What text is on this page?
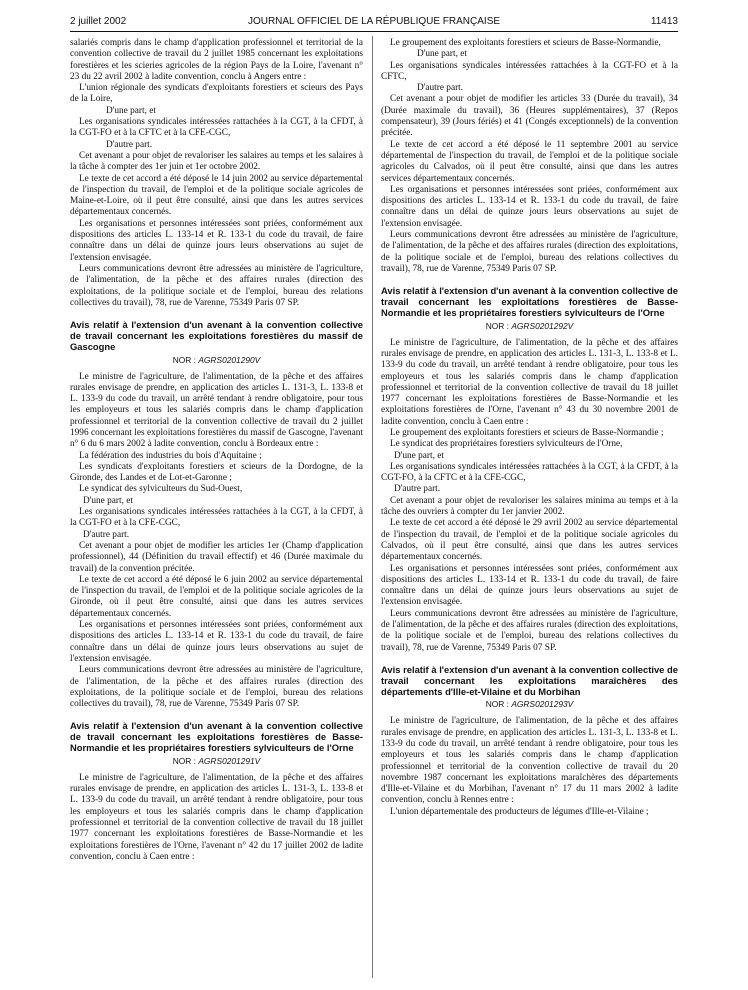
2 juillet 2002	JOURNAL OFFICIEL DE LA RÉPUBLIQUE FRANÇAISE	11413

salariés compris dans le champ d'application professionnel et territorial de la convention collective de travail du 2 juillet 1985 concernant les exploitations forestières et les scieries agricoles de la région Pays de la Loire, l'avenant n° 23 du 22 avril 2002 à ladite convention, conclu à Angers entre :

L'union régionale des syndicats d'exploitants forestiers et scieurs des Pays de la Loire,

D'une part, et

Les organisations syndicales intéressées rattachées à la CGT, à la CFDT, à la CGT-FO et à la CFTC et à la CFE-CGC,

D'autre part.

Cet avenant a pour objet de revaloriser les salaires au temps et les salaires à la tâche à compter des 1er juin et 1er octobre 2002.

Le texte de cet accord a été déposé le 14 juin 2002 au service départemental de l'inspection du travail, de l'emploi et de la politique sociale agricoles de Maine-et-Loire, où il peut être consulté, ainsi que dans les autres services départementaux concernés.

Les organisations et personnes intéressées sont priées, conformément aux dispositions des articles L. 133-14 et R. 133-1 du code du travail, de faire connaître dans un délai de quinze jours leurs observations au sujet de l'extension envisagée.

Leurs communications devront être adressées au ministère de l'agriculture, de l'alimentation, de la pêche et des affaires rurales (direction des exploitations, de la politique sociale et de l'emploi, bureau des relations collectives du travail), 78, rue de Varenne, 75349 Paris 07 SP.

Avis relatif à l'extension d'un avenant à la convention collective de travail concernant les exploitations forestières du massif de Gascogne
NOR : AGRS0201290V

Le ministre de l'agriculture, de l'alimentation, de la pêche et des affaires rurales envisage de prendre, en application des articles L. 131-3, L. 133-8 et L. 133-9 du code du travail, un arrêté tendant à rendre obligatoire, pour tous les employeurs et tous les salariés compris dans le champ d'application professionnel et territorial de la convention collective de travail du 2 juillet 1996 concernant les exploitations forestières du massif de Gascogne, l'avenant n° 6 du 6 mars 2002 à ladite convention, conclu à Bordeaux entre :

La fédération des industries du bois d'Aquitaine ;

Les syndicats d'exploitants forestiers et scieurs de la Dordogne, de la Gironde, des Landes et de Lot-et-Garonne ;

Le syndicat des sylviculteurs du Sud-Ouest,

D'une part, et

Les organisations syndicales intéressées rattachées à la CGT, à la CFDT, à la CGT-FO et à la CFE-CGC,

D'autre part.

Cet avenant a pour objet de modifier les articles 1er (Champ d'application professionnel), 44 (Définition du travail effectif) et 46 (Durée maximale du travail) de la convention précitée.

Le texte de cet accord a été déposé le 6 juin 2002 au service départemental de l'inspection du travail, de l'emploi et de la politique sociale agricoles de la Gironde, où il peut être consulté, ainsi que dans les autres services départementaux concernés.

Les organisations et personnes intéressées sont priées, conformément aux dispositions des articles L. 133-14 et R. 133-1 du code du travail, de faire connaître dans un délai de quinze jours leurs observations au sujet de l'extension envisagée.

Leurs communications devront être adressées au ministère de l'agriculture, de l'alimentation, de la pêche et des affaires rurales (direction des exploitations, de la politique sociale et de l'emploi, bureau des relations collectives du travail), 78, rue de Varenne, 75349 Paris 07 SP.

Avis relatif à l'extension d'un avenant à la convention collective de travail concernant les exploitations forestières de Basse-Normandie et les propriétaires forestiers sylviculteurs de l'Orne
NOR : AGRS0201291V

Le ministre de l'agriculture, de l'alimentation, de la pêche et des affaires rurales envisage de prendre, en application des articles L. 131-3, L. 133-8 et L. 133-9 du code du travail, un arrêté tendant à rendre obligatoire, pour tous les employeurs et tous les salariés compris dans le champ d'application professionnel et territorial de la convention collective de travail du 18 juillet 1977 concernant les exploitations forestières de Basse-Normandie et les exploitations forestières de l'Orne, l'avenant n° 42 du 17 juillet 2002 de ladite convention, conclu à Caen entre :

Le groupement des exploitants forestiers et scieurs de Basse-Normandie,

D'une part, et

Les organisations syndicales intéressées rattachées à la CGT-FO et à la CFTC,

D'autre part.

Cet avenant a pour objet de modifier les articles 33 (Durée du travail), 34 (Durée maximale du travail), 36 (Heures supplémentaires), 37 (Repos compensateur), 39 (Jours fériés) et 41 (Congés exceptionnels) de la convention précitée.

Le texte de cet accord a été déposé le 11 septembre 2001 au service départemental de l'inspection du travail, de l'emploi et de la politique sociale agricoles du Calvados, où il peut être consulté, ainsi que dans les autres services départementaux concernés.

Les organisations et personnes intéressées sont priées, conformément aux dispositions des articles L. 133-14 et R. 133-1 du code du travail, de faire connaître dans un délai de quinze jours leurs observations au sujet de l'extension envisagée.

Leurs communications devront être adressées au ministère de l'agriculture, de l'alimentation, de la pêche et des affaires rurales (direction des exploitations, de la politique sociale et de l'emploi, bureau des relations collectives du travail), 78, rue de Varenne, 75349 Paris 07 SP.

Avis relatif à l'extension d'un avenant à la convention collective de travail concernant les exploitations forestières de Basse-Normandie et les propriétaires forestiers sylviculteurs de l'Orne
NOR : AGRS0201292V

Le ministre de l'agriculture, de l'alimentation, de la pêche et des affaires rurales envisage de prendre, en application des articles L. 131-3, L. 133-8 et L. 133-9 du code du travail, un arrêté tendant à rendre obligatoire, pour tous les employeurs et tous les salariés compris dans le champ d'application professionnel et territorial de la convention collective de travail du 18 juillet 1977 concernant les exploitations forestières de Basse-Normandie et les exploitations forestières de l'Orne, l'avenant n° 43 du 30 novembre 2001 de ladite convention, conclu à Caen entre :

Le groupement des exploitants forestiers et scieurs de Basse-Normandie ;

Le syndicat des propriétaires forestiers sylviculteurs de l'Orne,

D'une part, et

Les organisations syndicales intéressées rattachées à la CGT, à la CFDT, à la CGT-FO, à la CFTC et à la CFE-CGC,

D'autre part.

Cet avenant a pour objet de revaloriser les salaires minima au temps et à la tâche des ouvriers à compter du 1er janvier 2002.

Le texte de cet accord a été déposé le 29 avril 2002 au service départemental de l'inspection du travail, de l'emploi et de la politique sociale agricoles du Calvados, où il peut être consulté, ainsi que dans les autres services départementaux concernés.

Les organisations et personnes intéressées sont priées, conformément aux dispositions des articles L. 133-14 et R. 133-1 du code du travail, de faire connaître dans un délai de quinze jours leurs observations au sujet de l'extension envisagée.

Leurs communications devront être adressées au ministère de l'agriculture, de l'alimentation, de la pêche et des affaires rurales (direction des exploitations, de la politique sociale et de l'emploi, bureau des relations collectives du travail), 78, rue de Varenne, 75349 Paris 07 SP.

Avis relatif à l'extension d'un avenant à la convention collective de travail concernant les exploitations maraîchères des départements d'Ille-et-Vilaine et du Morbihan
NOR : AGRS0201293V

Le ministre de l'agriculture, de l'alimentation, de la pêche et des affaires rurales envisage de prendre, en application des articles L. 131-3, L. 133-8 et L. 133-9 du code du travail, un arrêté tendant à rendre obligatoire, pour tous les employeurs et tous les salariés compris dans le champ d'application professionnel et territorial de la convention collective de travail du 20 novembre 1987 concernant les exploitations maraîchères des départements d'Ille-et-Vilaine et du Morbihan, l'avenant n° 17 du 11 mars 2002 à ladite convention, conclu à Rennes entre :

L'union départementale des producteurs de légumes d'Ille-et-Vilaine ;
